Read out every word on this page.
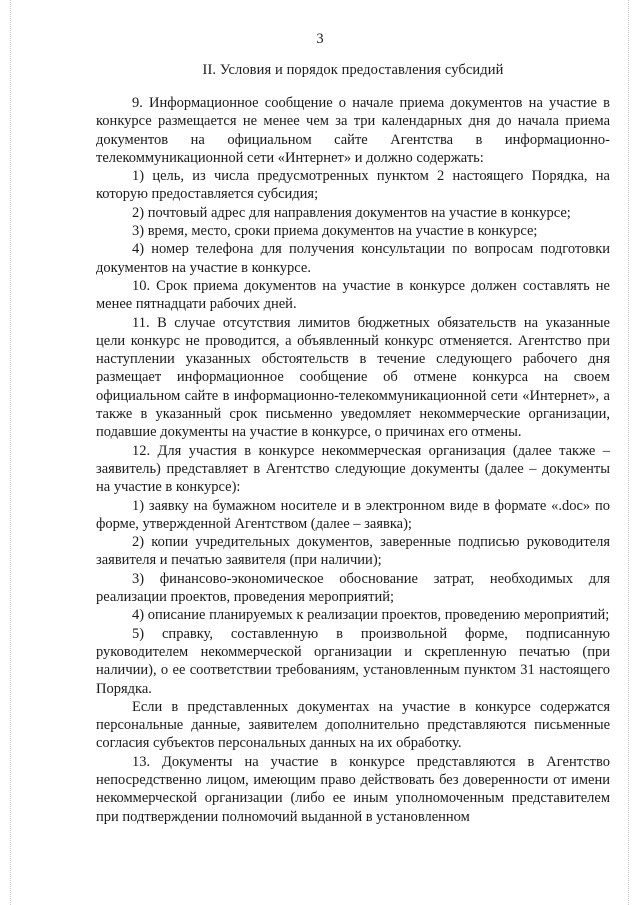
3
II. Условия и порядок предоставления субсидий

9. Информационное сообщение о начале приема документов на участие в конкурсе размещается не менее чем за три календарных дня до начала приема документов на официальном сайте Агентства в информационно-телекоммуникационной сети «Интернет» и должно содержать:

1) цель, из числа предусмотренных пунктом 2 настоящего Порядка, на которую предоставляется субсидия;

2) почтовый адрес для направления документов на участие в конкурсе;

3) время, место, сроки приема документов на участие в конкурсе;

4) номер телефона для получения консультации по вопросам подготовки документов на участие в конкурсе.

10. Срок приема документов на участие в конкурсе должен составлять не менее пятнадцати рабочих дней.

11. В случае отсутствия лимитов бюджетных обязательств на указанные цели конкурс не проводится, а объявленный конкурс отменяется. Агентство при наступлении указанных обстоятельств в течение следующего рабочего дня размещает информационное сообщение об отмене конкурса на своем официальном сайте в информационно-телекоммуникационной сети «Интернет», а также в указанный срок письменно уведомляет некоммерческие организации, подавшие документы на участие в конкурсе, о причинах его отмены.

12. Для участия в конкурсе некоммерческая организация (далее также – заявитель) представляет в Агентство следующие документы (далее – документы на участие в конкурсе):

1) заявку на бумажном носителе и в электронном виде в формате «.doc» по форме, утвержденной Агентством (далее – заявка);

2) копии учредительных документов, заверенные подписью руководителя заявителя и печатью заявителя (при наличии);

3) финансово-экономическое обоснование затрат, необходимых для реализации проектов, проведения мероприятий;

4) описание планируемых к реализации проектов, проведению мероприятий;

5) справку, составленную в произвольной форме, подписанную руководителем некоммерческой организации и скрепленную печатью (при наличии), о ее соответствии требованиям, установленным пунктом 31 настоящего Порядка.

Если в представленных документах на участие в конкурсе содержатся персональные данные, заявителем дополнительно представляются письменные согласия субъектов персональных данных на их обработку.

13. Документы на участие в конкурсе представляются в Агентство непосредственно лицом, имеющим право действовать без доверенности от имени некоммерческой организации (либо ее иным уполномоченным представителем при подтверждении полномочий выданной в установленном
